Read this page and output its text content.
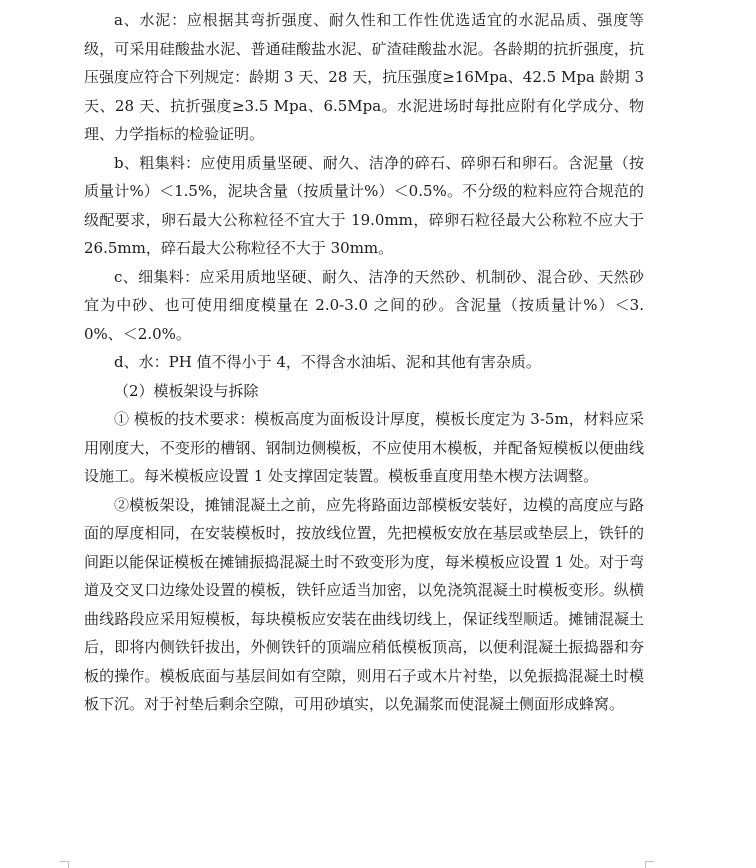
a、水泥：应根据其弯折强度、耐久性和工作性优选适宜的水泥品质、强度等级，可采用硅酸盐水泥、普通硅酸盐水泥、矿渣硅酸盐水泥。各龄期的抗折强度，抗压强度应符合下列规定：龄期 3 天、28 天，抗压强度≥16Mpa、42.5 Mpa 龄期 3 天、28 天、抗折强度≥3.5 Mpa、6.5Mpa。水泥进场时每批应附有化学成分、物理、力学指标的检验证明。

b、粗集料：应使用质量坚硬、耐久、洁净的碎石、碎卵石和卵石。含泥量（按质量计%）＜1.5%，泥块含量（按质量计%）＜0.5%。不分级的粒料应符合规范的级配要求，卵石最大公称粒径不宜大于 19.0mm，碎卵石粒径最大公称粒不应大于 26.5mm，碎石最大公称粒径不大于 30mm。

c、细集料：应采用质地坚硬、耐久、洁净的天然砂、机制砂、混合砂、天然砂宜为中砂、也可使用细度模量在 2.0-3.0 之间的砂。含泥量（按质量计%）＜3.0%、＜2.0%。

d、水：PH 值不得小于 4，不得含水油垢、泥和其他有害杂质。

（2）模板架设与拆除

① 模板的技术要求：模板高度为面板设计厚度，模板长度定为 3-5m，材料应采用刚度大，不变形的槽钢、钢制边侧模板，不应使用木模板，并配备短模板以便曲线设施工。每米模板应设置 1 处支撑固定装置。模板垂直度用垫木楔方法调整。

②模板架设，摊铺混凝土之前，应先将路面边部模板安装好，边模的高度应与路面的厚度相同，在安装模板时，按放线位置，先把模板安放在基层或垫层上，铁钎的间距以能保证模板在摊铺振捣混凝土时不致变形为度，每米模板应设置 1 处。对于弯道及交叉口边缘处设置的模板，铁钎应适当加密，以免浇筑混凝土时模板变形。纵横曲线路段应采用短模板，每块模板应安装在曲线切线上，保证线型顺适。摊铺混凝土后，即将内侧铁钎拔出，外侧铁钎的顶端应稍低模板顶高，以便利混凝土振捣器和夯板的操作。模板底面与基层间如有空隙，则用石子或木片衬垫，以免振捣混凝土时模板下沉。对于衬垫后剩余空隙，可用砂填实，以免漏浆而使混凝土侧面形成蜂窝。
